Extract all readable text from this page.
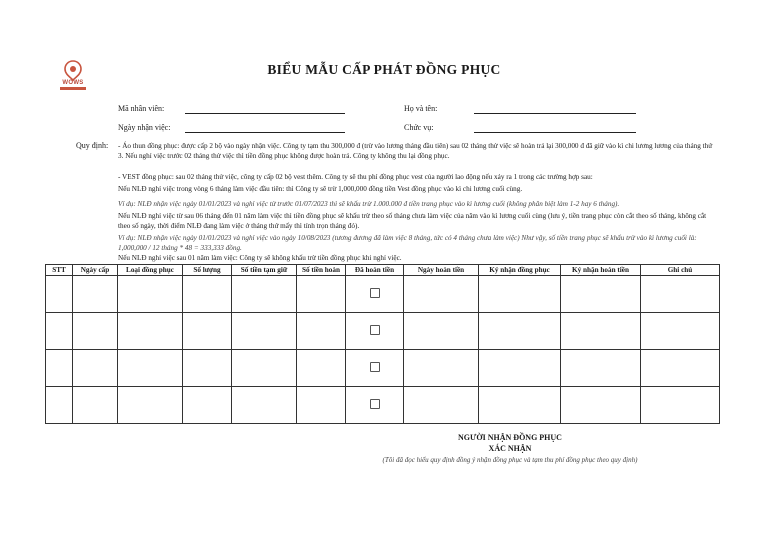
WOWS
BIỂU MẪU CẤP PHÁT ĐỒNG PHỤC
Mã nhân viên:	Họ và tên:
Ngày nhận việc:	Chức vụ:
Quy định: - Áo thun đồng phục: được cấp 2 bộ vào ngày nhận việc. Công ty tạm thu 300,000 đ (trừ vào lương tháng đầu tiên) sau 02 tháng thử việc sẽ hoàn trả lại 300,000 đ đã giữ vào kì chi lương lương của tháng thứ 3. Nếu nghỉ việc trước 02 tháng thử việc thì tiền đồng phục không được hoàn trả. Công ty không thu lại đồng phục.
- VEST đồng phục: sau 02 tháng thử việc, công ty cấp 02 bộ vest thêm. Công ty sẽ thu phí đồng phục vest của người lao động nếu xảy ra 1 trong các trường hợp sau:
Nếu NLĐ nghỉ việc trong vòng 6 tháng làm việc đầu tiên: thì Công ty sẽ trừ 1,000,000 đồng tiền Vest đồng phục vào kì chi lương cuối cùng.
Ví dụ: NLĐ nhận việc ngày 01/01/2023 và nghỉ việc từ trước 01/07/2023 thì sẽ khấu trừ 1.000.000 đ tiền trang phục vào kì lương cuối (không phân biệt làm 1-2 hay 6 tháng).
Nếu NLĐ nghỉ việc từ sau 06 tháng đến 01 năm làm việc thì tiền đồng phục sẽ khấu trừ theo số tháng chưa làm việc của năm vào kì lương cuối cùng (lưu ý, tiền trang phục còn cắt theo số tháng, không cắt theo số ngày, thời điểm NLĐ đang làm việc ở tháng thứ mấy thì tính trọn tháng đó).
Ví dụ: NLĐ nhận việc ngày 01/01/2023 và nghỉ việc vào ngày 10/08/2023 (tương đương đã làm việc 8 tháng, tức có 4 tháng chưa làm việc) Như vậy, số tiền trang phục sẽ khấu trừ vào kì lương cuối là: 1,000,000 / 12 tháng * 48 = 333,333 đồng.
Nếu NLĐ nghỉ việc sau 01 năm làm việc: Công ty sẽ không khấu trừ tiền đồng phục khi nghỉ việc.
STT	Ngày cấp	Loại đồng phục	Số lượng	Số tiền tạm giữ	Số tiền hoàn	Đã hoàn tiền	Ngày hoàn tiền	Ký nhận đồng phục	Ký nhận hoàn tiền	Ghi chú

NGƯỜI NHẬN ĐỒNG PHỤC
XÁC NHẬN
(Tôi đã đọc hiểu quy định đồng ý nhận đồng phục và tạm thu phí đồng phục theo quy định)
